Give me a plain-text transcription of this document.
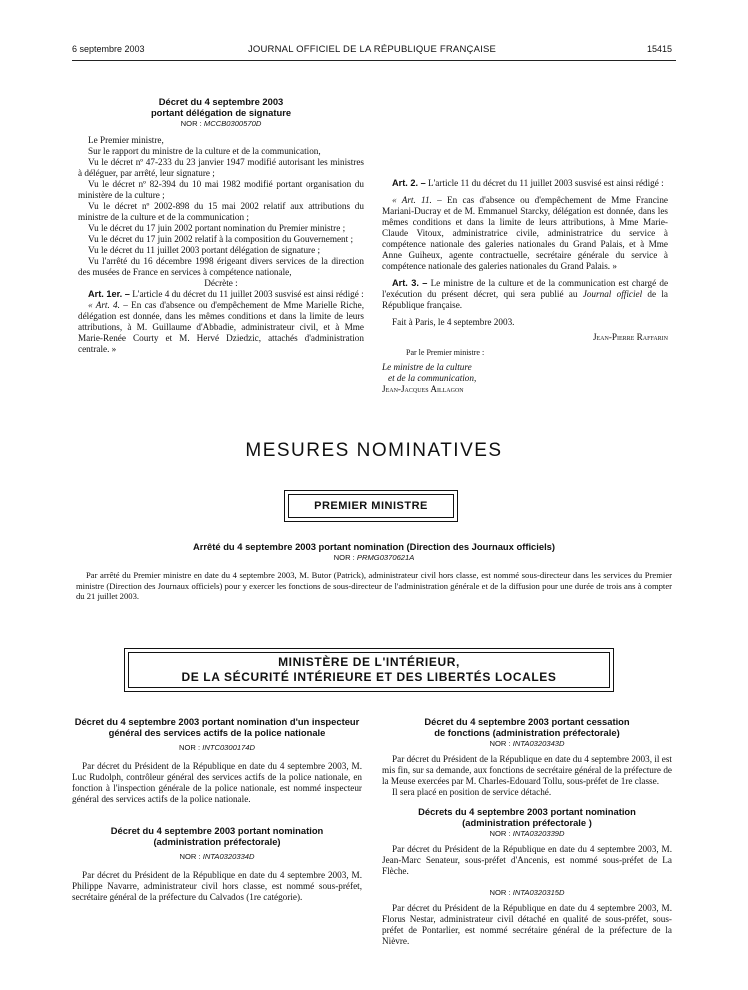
6 septembre 2003	JOURNAL OFFICIEL DE LA RÉPUBLIQUE FRANÇAISE	15415
Décret du 4 septembre 2003
portant délégation de signature
NOR : MCCB0300570D

Le Premier ministre,

Sur le rapport du ministre de la culture et de la communication,

Vu le décret nº 47-233 du 23 janvier 1947 modifié autorisant les ministres à déléguer, par arrêté, leur signature ;

Vu le décret nº 82-394 du 10 mai 1982 modifié portant organisation du ministère de la culture ;

Vu le décret nº 2002-898 du 15 mai 2002 relatif aux attributions du ministre de la culture et de la communication ;

Vu le décret du 17 juin 2002 portant nomination du Premier ministre ;

Vu le décret du 17 juin 2002 relatif à la composition du Gouvernement ;

Vu le décret du 11 juillet 2003 portant délégation de signature ;

Vu l'arrêté du 16 décembre 1998 érigeant divers services de la direction des musées de France en services à compétence nationale,

Décrète :

Art. 1er. – L'article 4 du décret du 11 juillet 2003 susvisé est ainsi rédigé :

« Art. 4. – En cas d'absence ou d'empêchement de Mme Marielle Riche, délégation est donnée, dans les mêmes conditions et dans la limite de leurs attributions, à M. Guillaume d'Abbadie, administrateur civil, et à Mme Marie-Renée Courty et M. Hervé Dziedzic, attachés d'administration centrale. »

Art. 2. – L'article 11 du décret du 11 juillet 2003 susvisé est ainsi rédigé :

« Art. 11. – En cas d'absence ou d'empêchement de Mme Francine Mariani-Ducray et de M. Emmanuel Starcky, délégation est donnée, dans les mêmes conditions et dans la limite de leurs attributions, à Mme Marie-Claude Vitoux, administratrice civile, administratrice du service à compétence nationale des galeries nationales du Grand Palais, et à Mme Anne Guiheux, agente contractuelle, secrétaire générale du service à compétence nationale des galeries nationales du Grand Palais. »

Art. 3. – Le ministre de la culture et de la communication est chargé de l'exécution du présent décret, qui sera publié au Journal officiel de la République française.

Fait à Paris, le 4 septembre 2003.

Jean-Pierre Raffarin

Par le Premier ministre :

Le ministre de la culture

et de la communication,

Jean-Jacques Aillagon

MESURES NOMINATIVES
PREMIER MINISTRE
Arrêté du 4 septembre 2003 portant nomination (Direction des Journaux officiels)
NOR : PRMG0370621A

Par arrêté du Premier ministre en date du 4 septembre 2003, M. Butor (Patrick), administrateur civil hors classe, est nommé sous-directeur dans les services du Premier ministre (Direction des Journaux officiels) pour y exercer les fonctions de sous-directeur de l'administration générale et de la diffusion pour une durée de trois ans à compter du 21 juillet 2003.

MINISTÈRE DE L'INTÉRIEUR,
DE LA SÉCURITÉ INTÉRIEURE ET DES LIBERTÉS LOCALES
Décret du 4 septembre 2003 portant nomination d'un inspecteur général des services actifs de la police nationale
NOR : INTC0300174D

Par décret du Président de la République en date du 4 septembre 2003, M. Luc Rudolph, contrôleur général des services actifs de la police nationale, en fonction à l'inspection générale de la police nationale, est nommé inspecteur général des services actifs de la police nationale.

Décret du 4 septembre 2003 portant nomination
(administration préfectorale)
NOR : INTA0320334D

Par décret du Président de la République en date du 4 septembre 2003, M. Philippe Navarre, administrateur civil hors classe, est nommé sous-préfet, secrétaire général de la préfecture du Calvados (1re catégorie).

Décret du 4 septembre 2003 portant cessation
de fonctions (administration préfectorale)
NOR : INTA0320343D

Par décret du Président de la République en date du 4 septembre 2003, il est mis fin, sur sa demande, aux fonctions de secrétaire général de la préfecture de la Meuse exercées par M. Charles-Edouard Tollu, sous-préfet de 1re classe.

Il sera placé en position de service détaché.

Décrets du 4 septembre 2003 portant nomination
(administration préfectorale )
NOR : INTA0320339D

Par décret du Président de la République en date du 4 septembre 2003, M. Jean-Marc Senateur, sous-préfet d'Ancenis, est nommé sous-préfet de La Flèche.

NOR : INTA0320315D

Par décret du Président de la République en date du 4 septembre 2003, M. Florus Nestar, administrateur civil détaché en qualité de sous-préfet, sous-préfet de Pontarlier, est nommé secrétaire général de la préfecture de la Nièvre.
